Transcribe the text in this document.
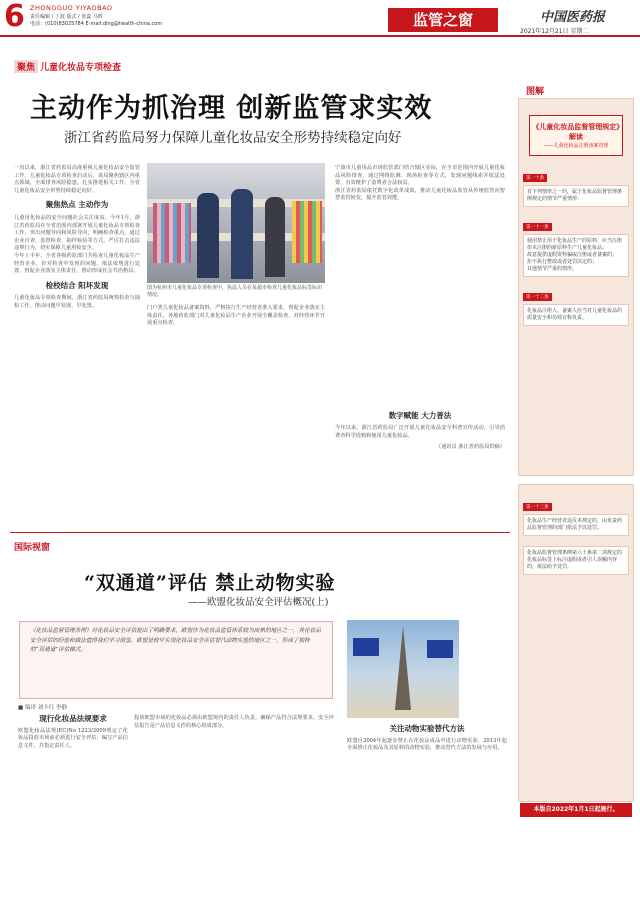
6 ZHONGGUO YIYAOBAO
责任编辑 / 丁波 版式 / 张蕊 马辉
电话：(010)83025784 E-mail:ding@health-china.com	监管之窗	中国医药报
2021年12月21日 星期二
聚焦 儿童化妆品专项检查
主动作为抓治理 创新监管求实效
浙江省药监局努力保障儿童化妆品安全形势持续稳定向好

一直以来，浙江省药监局高度重视儿童化妆品安全监管工作。儿童化妆品专项检查启动后，该局聚焦辖区内重点领域，全面排查风险隐患，扎实推进相关工作，全省儿童化妆品安全形势持续稳定向好。

聚焦热点 主动作为

儿童用化妆品的安全问题社会关注度高。今年1月，浙江省药监局在全省范围内部署开展儿童化妆品专项检查工作，突出问题导向和风险导向，明确检查重点，通过企业自查、监督检查、抽样检验等方式，严厉打击违法违规行为，切实保障儿童用妆安全。

今年上半年，全省各级药监部门共检查儿童化妆品生产经营企业，针对检查中发现的问题，依法依规进行处置，督促企业落实主体责任，推动形成社会共治格局。

检校结合 阳坏发现

儿童化妆品专项检查期间，浙江省药监局统筹检查与抽检工作，推动问题早发现、早处置。

图为杭州市儿童化妆品专项检查中，执法人员在某超市检查儿童化妆品标签标识情况。

门户类儿童化妆品备案资料，严格执行生产经营者准入要求，督促企业落实主体责任。各地药监部门对儿童化妆品生产企业开展全覆盖检查，对经营环节开展重点检查。

数字赋能 大力普法

宁波市儿童用品市场监管部门结合辖区实际，在全市范围内开展儿童化妆品风险排查，通过网络监测、现场检查等方式，发现问题线索并依法处置，有效维护了消费者合法权益。

浙江省药监局依托数字化改革成果，推动儿童化妆品监管从传统监管向智慧监管转变，提升监管效能。

今年以来，浙江省药监局广泛开展儿童化妆品安全科普宣传活动，引导消费者科学选购和使用儿童化妆品。

（通讯员 浙江省药监局供稿）

图解
《儿童化妆品监督管理规定》解读
——儿童化妆品注册备案管理
第一十条
有下列情形之一的，属于化妆品监督管理条例规定的情节严重情形：
第一十一条
使用禁止用于化妆品生产的原料、应当注册但未注册的新原料生产儿童化妆品；
故意提供虚假资料骗取注册或者备案的；
拒不执行整改或者处罚决定的；
其他情节严重的情形。
第一十二条
化妆品注册人、备案人应当对儿童化妆品的质量安全和功效宣称负责。
第一十三条
化妆品生产经营者违反本规定的，由负责药品监督管理的部门依法予以处罚。
化妆品监督管理条例第六十条第二项规定的化妆品标签上标注虚假或者引人误解内容的，依法给予处罚。
本版自2022年1月1日起施行。
国际视窗
“双通道”评估 禁止动物实验
——欧盟化妆品安全评估概况(上)
《化妆品监督管理条例》对化妆品安全评估提出了明确要求，欧盟作为化妆品监管体系较为成熟的地区之一，其化妆品安全评估的经验和做法值得我们学习借鉴。欧盟是较早实现化妆品安全评估替代动物实验的地区之一，形成了独特的“双通道”评估模式。
■ 编译 刘丰红 李静

现行化妆品法规要求

欧盟化妆品法规(EC)No 1223/2009规定了化妆品投放市场前必须进行安全评估，编写产品信息文件，并指定责任人。

投放欧盟市场的化妆品必须由欧盟境内的责任人负责，确保产品符合法规要求。安全评估报告是产品信息文件的核心组成部分。	关注动物实验替代方法

欧盟自2004年起逐步禁止在化妆品成品中进行动物实验，2013年起全面禁止化妆品及其原料的动物实验，推动替代方法的发展与应用。
